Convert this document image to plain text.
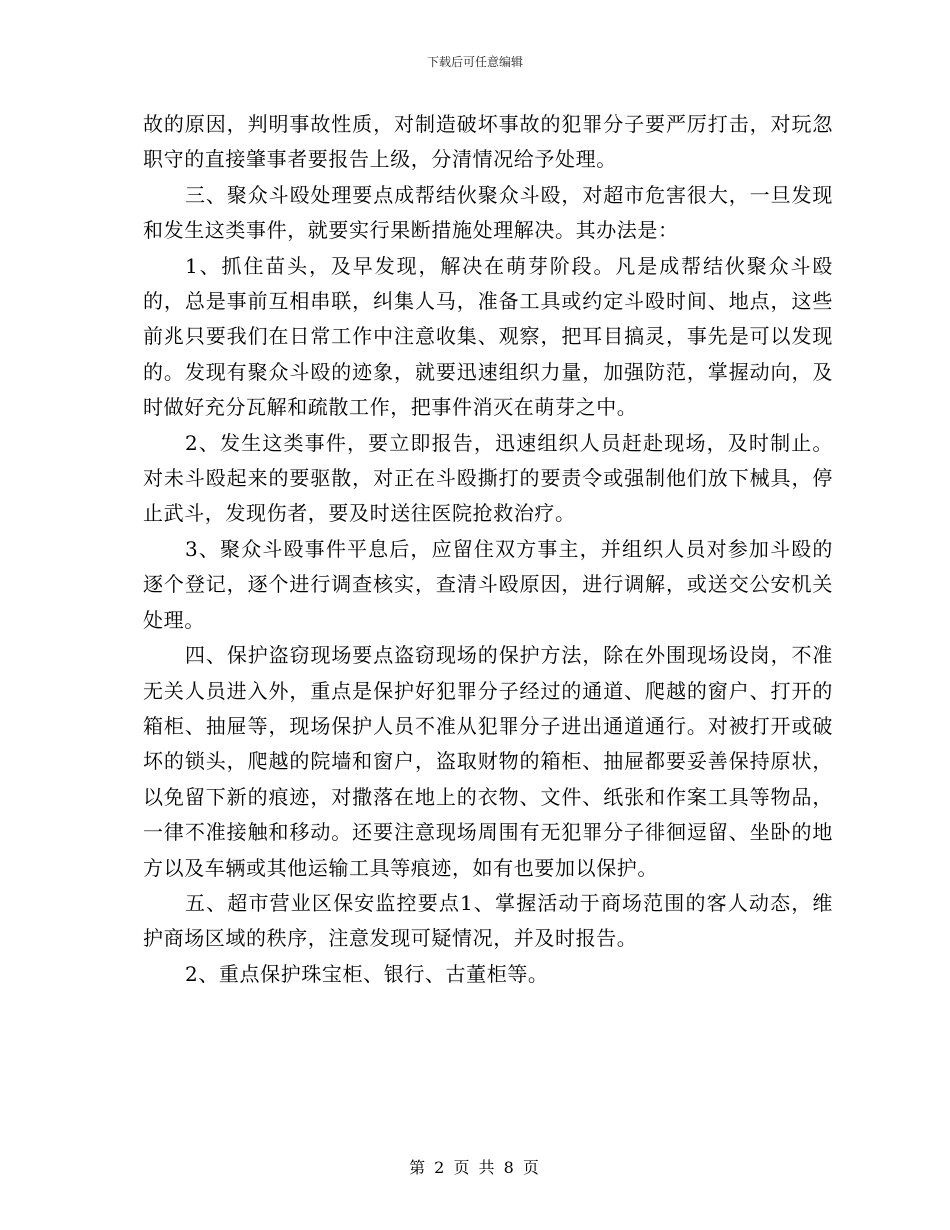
下载后可任意编辑

故的原因，判明事故性质，对制造破坏事故的犯罪分子要严厉打击，对玩忽职守的直接肇事者要报告上级，分清情况给予处理。

三、聚众斗殴处理要点成帮结伙聚众斗殴，对超市危害很大，一旦发现和发生这类事件，就要实行果断措施处理解决。其办法是：

1、抓住苗头，及早发现，解决在萌芽阶段。凡是成帮结伙聚众斗殴的，总是事前互相串联，纠集人马，准备工具或约定斗殴时间、地点，这些前兆只要我们在日常工作中注意收集、观察，把耳目搞灵，事先是可以发现的。发现有聚众斗殴的迹象，就要迅速组织力量，加强防范，掌握动向，及时做好充分瓦解和疏散工作，把事件消灭在萌芽之中。

2、发生这类事件，要立即报告，迅速组织人员赶赴现场，及时制止。对未斗殴起来的要驱散，对正在斗殴撕打的要责令或强制他们放下械具，停止武斗，发现伤者，要及时送往医院抢救治疗。

3、聚众斗殴事件平息后，应留住双方事主，并组织人员对参加斗殴的逐个登记，逐个进行调查核实，查清斗殴原因，进行调解，或送交公安机关处理。

四、保护盗窃现场要点盗窃现场的保护方法，除在外围现场设岗，不准无关人员进入外，重点是保护好犯罪分子经过的通道、爬越的窗户、打开的箱柜、抽屉等，现场保护人员不准从犯罪分子进出通道通行。对被打开或破坏的锁头，爬越的院墙和窗户，盗取财物的箱柜、抽屉都要妥善保持原状，以免留下新的痕迹，对撒落在地上的衣物、文件、纸张和作案工具等物品，一律不准接触和移动。还要注意现场周围有无犯罪分子徘徊逗留、坐卧的地方以及车辆或其他运输工具等痕迹，如有也要加以保护。

五、超市营业区保安监控要点1、掌握活动于商场范围的客人动态，维护商场区域的秩序，注意发现可疑情况，并及时报告。

2、重点保护珠宝柜、银行、古董柜等。

第 2 页 共 8 页
